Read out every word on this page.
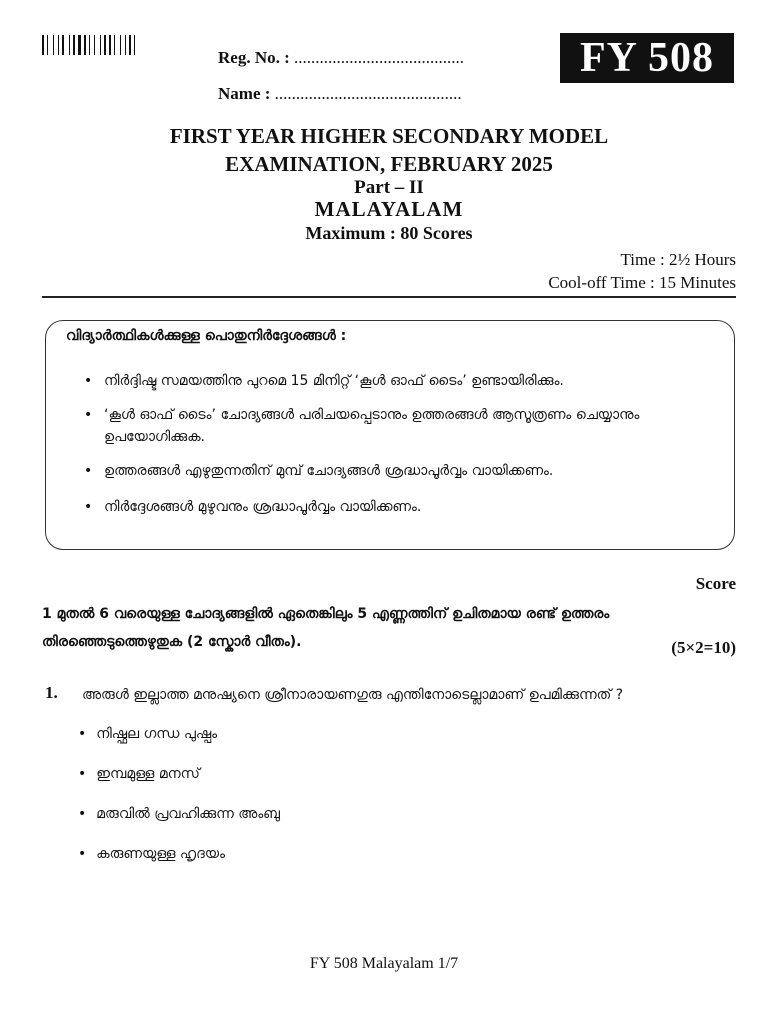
Reg. No. : ........................................
Name : ............................................
FY 508
FIRST YEAR HIGHER SECONDARY MODEL
EXAMINATION, FEBRUARY 2025
Part – II
MALAYALAM
Maximum : 80 Scores
Time : 2½ Hours
Cool-off Time : 15 Minutes
വിദ്യാർത്ഥികൾക്കുള്ള പൊതുനിർദ്ദേശങ്ങൾ :
• നിർദ്ദിഷ്ട സമയത്തിനു പുറമെ 15 മിനിറ്റ് ‘കൂൾ ഓഫ് ടൈം’ ഉണ്ടായിരിക്കും.
• ‘കൂൾ ഓഫ് ടൈം’ ചോദ്യങ്ങൾ പരിചയപ്പെടാനും ഉത്തരങ്ങൾ ആസൂത്രണം ചെയ്യാനും ഉപയോഗിക്കുക.
• ഉത്തരങ്ങൾ എഴുതുന്നതിന് മുമ്പ് ചോദ്യങ്ങൾ ശ്രദ്ധാപൂർവ്വം വായിക്കണം.
• നിർദ്ദേശങ്ങൾ മുഴുവനും ശ്രദ്ധാപൂർവ്വം വായിക്കണം.
Score
1 മുതൽ 6 വരെയുള്ള ചോദ്യങ്ങളിൽ ഏതെങ്കിലും 5 എണ്ണത്തിന് ഉചിതമായ രണ്ട് ഉത്തരം തിരഞ്ഞെടുത്തെഴുതുക (2 സ്കോർ വീതം).	(5×2=10)
1. അരുൾ ഇല്ലാത്ത മനുഷ്യനെ ശ്രീനാരായണഗുരു എന്തിനോടെല്ലാമാണ് ഉപമിക്കുന്നത് ?
• നിഷ്ഫല ഗന്ധ പുഷ്പം
• ഇമ്പമുള്ള മനസ്
• മരുവിൽ പ്രവഹിക്കുന്ന അംബു
• കരുണയുള്ള ഹൃദയം
FY 508 Malayalam 1/7
